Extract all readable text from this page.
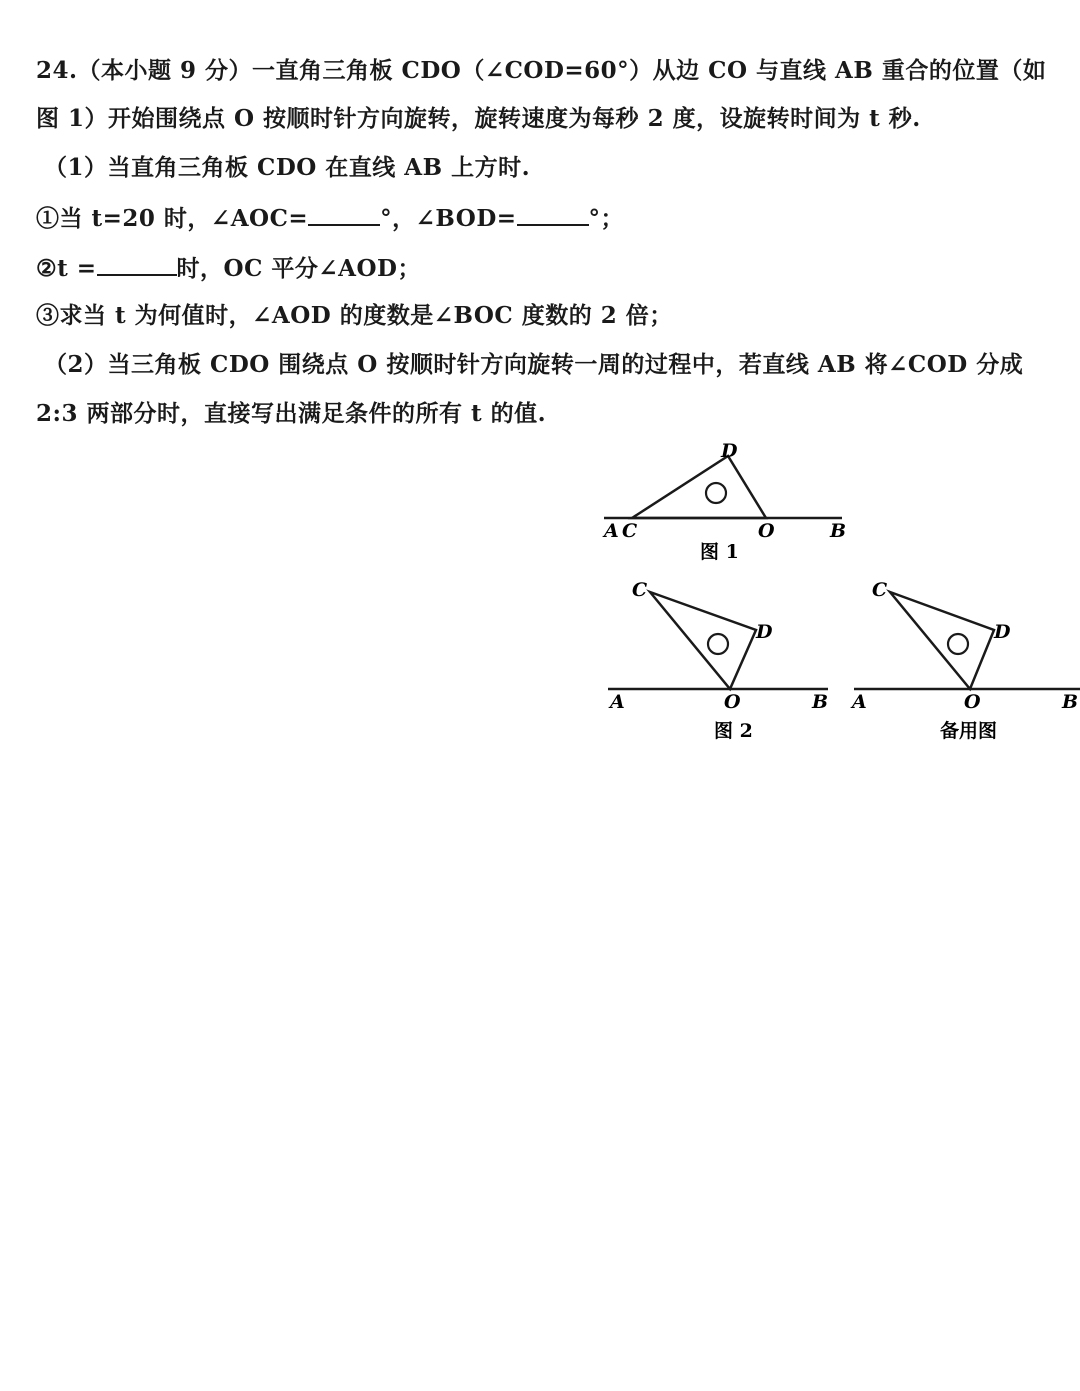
24.（本小题 9 分）一直角三角板 CDO（∠COD=60°）从边 CO 与直线 AB 重合的位置（如
图 1）开始围绕点 O 按顺时针方向旋转，旋转速度为每秒 2 度，设旋转时间为 t 秒.
（1）当直角三角板 CDO 在直线 AB 上方时.
①当 t=20 时，∠AOC=	°，∠BOD=	°；
②t =	时，OC 平分∠AOD；
③求当 t 为何值时，∠AOD 的度数是∠BOC 度数的 2 倍；
（2）当三角板 CDO 围绕点 O 按顺时针方向旋转一周的过程中，若直线 AB 将∠COD 分成
2:3 两部分时，直接写出满足条件的所有 t 的值.
D
A C	O	B
图 1
C
D
A	O	B
图 2
C
D
A	O	B
备用图
